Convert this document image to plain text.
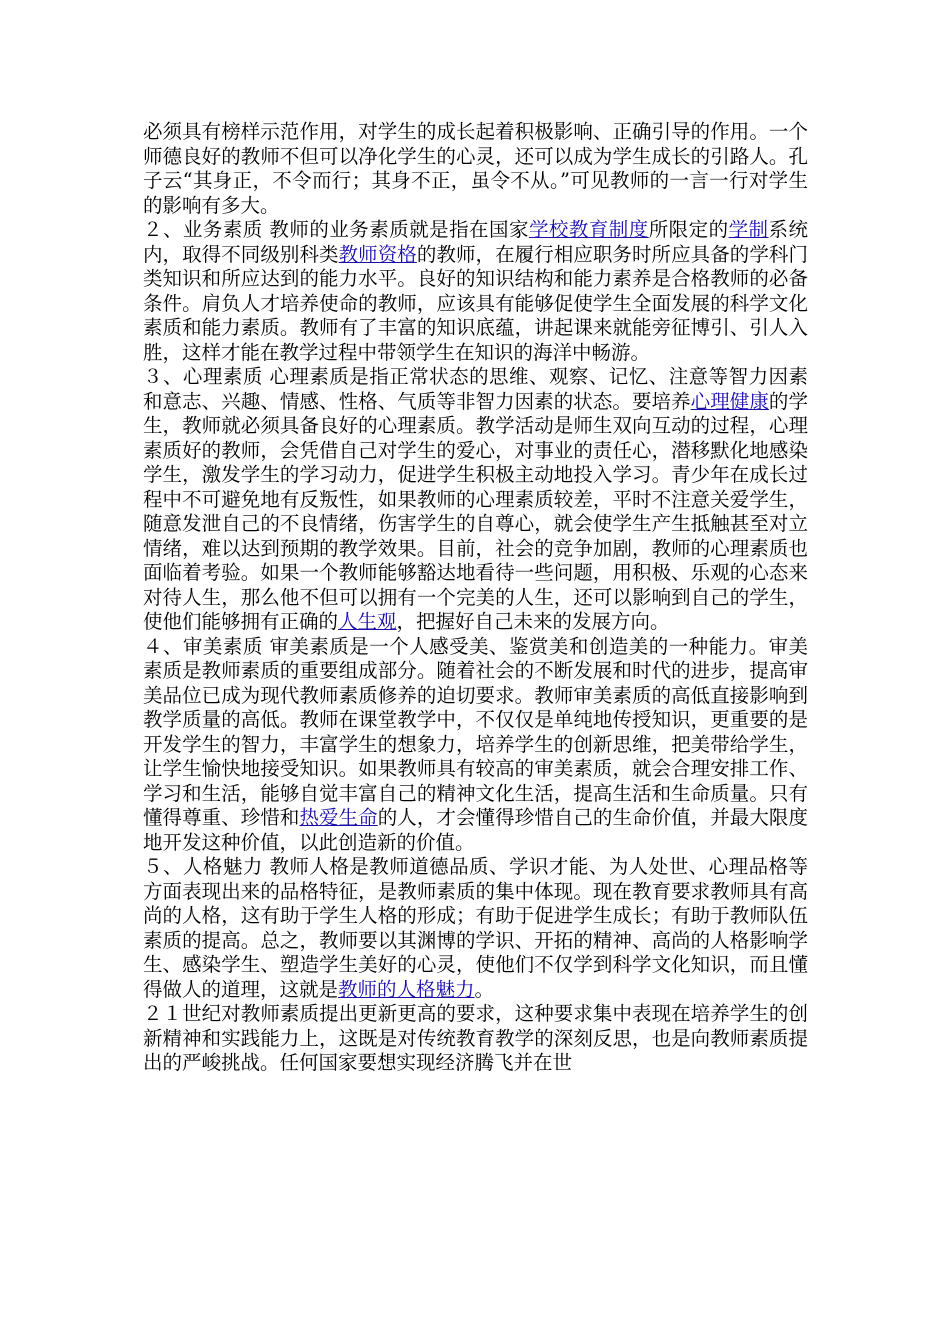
必须具有榜样示范作用，对学生的成长起着积极影响、正确引导的作用。一个师德良好的教师不但可以净化学生的心灵，还可以成为学生成长的引路人。孔子云“其身正，不令而行；其身不正，虽令不从。”可见教师的一言一行对学生的影响有多大。

２、业务素质 教师的业务素质就是指在国家学校教育制度所限定的学制系统内，取得不同级别科类教师资格的教师，在履行相应职务时所应具备的学科门类知识和所应达到的能力水平。良好的知识结构和能力素养是合格教师的必备条件。肩负人才培养使命的教师，应该具有能够促使学生全面发展的科学文化素质和能力素质。教师有了丰富的知识底蕴，讲起课来就能旁征博引、引人入胜，这样才能在教学过程中带领学生在知识的海洋中畅游。

３、心理素质 心理素质是指正常状态的思维、观察、记忆、注意等智力因素和意志、兴趣、情感、性格、气质等非智力因素的状态。要培养心理健康的学生，教师就必须具备良好的心理素质。教学活动是师生双向互动的过程，心理素质好的教师，会凭借自己对学生的爱心，对事业的责任心，潜移默化地感染学生，激发学生的学习动力，促进学生积极主动地投入学习。青少年在成长过程中不可避免地有反叛性，如果教师的心理素质较差，平时不注意关爱学生，随意发泄自己的不良情绪，伤害学生的自尊心，就会使学生产生抵触甚至对立情绪，难以达到预期的教学效果。目前，社会的竞争加剧，教师的心理素质也面临着考验。如果一个教师能够豁达地看待一些问题，用积极、乐观的心态来对待人生，那么他不但可以拥有一个完美的人生，还可以影响到自己的学生，使他们能够拥有正确的人生观，把握好自己未来的发展方向。

４、审美素质 审美素质是一个人感受美、鉴赏美和创造美的一种能力。审美素质是教师素质的重要组成部分。随着社会的不断发展和时代的进步，提高审美品位已成为现代教师素质修养的迫切要求。教师审美素质的高低直接影响到教学质量的高低。教师在课堂教学中，不仅仅是单纯地传授知识，更重要的是开发学生的智力，丰富学生的想象力，培养学生的创新思维，把美带给学生，让学生愉快地接受知识。如果教师具有较高的审美素质，就会合理安排工作、学习和生活，能够自觉丰富自己的精神文化生活，提高生活和生命质量。只有懂得尊重、珍惜和热爱生命的人，才会懂得珍惜自己的生命价值，并最大限度地开发这种价值，以此创造新的价值。

５、人格魅力 教师人格是教师道德品质、学识才能、为人处世、心理品格等方面表现出来的品格特征，是教师素质的集中体现。现在教育要求教师具有高尚的人格，这有助于学生人格的形成；有助于促进学生成长；有助于教师队伍素质的提高。总之，教师要以其渊博的学识、开拓的精神、高尚的人格影响学生、感染学生、塑造学生美好的心灵，使他们不仅学到科学文化知识，而且懂得做人的道理，这就是教师的人格魅力。

２１世纪对教师素质提出更新更高的要求，这种要求集中表现在培养学生的创新精神和实践能力上，这既是对传统教育教学的深刻反思，也是向教师素质提出的严峻挑战。任何国家要想实现经济腾飞并在世
